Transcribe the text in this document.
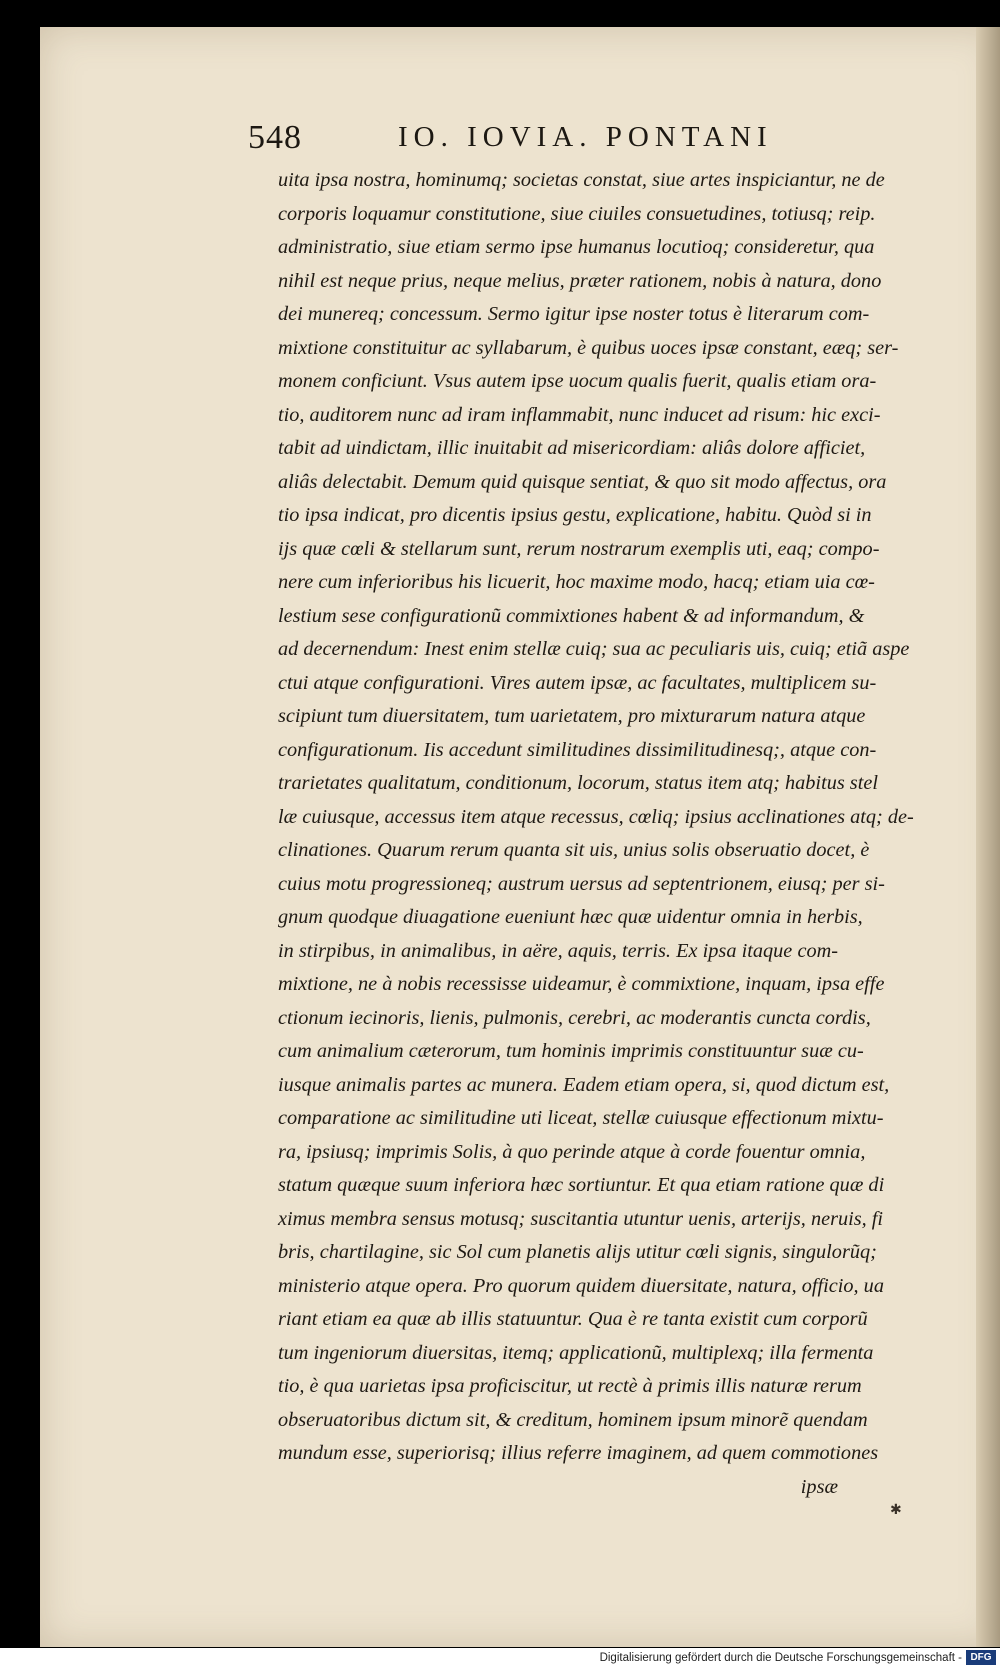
548	IO. IOVIA. PONTANI
uita ipsa nostra, hominumq; societas constat, siue artes inspiciantur, ne de
corporis loquamur constitutione, siue ciuiles consuetudines, totiusq; reip.
administratio, siue etiam sermo ipse humanus locutioq; consideretur, qua
nihil est neque prius, neque melius, præter rationem, nobis à natura, dono
dei munereq; concessum. Sermo igitur ipse noster totus è literarum com-
mixtione constituitur ac syllabarum, è quibus uoces ipsæ constant, eæq; ser-
monem conficiunt. Vsus autem ipse uocum qualis fuerit, qualis etiam ora-
tio, auditorem nunc ad iram inflammabit, nunc inducet ad risum: hic exci-
tabit ad uindictam, illic inuitabit ad misericordiam: aliâs dolore afficiet,
aliâs delectabit. Demum quid quisque sentiat, & quo sit modo affectus, ora
tio ipsa indicat, pro dicentis ipsius gestu, explicatione, habitu. Quòd si in
ijs quæ cœli & stellarum sunt, rerum nostrarum exemplis uti, eaq; compo-
nere cum inferioribus his licuerit, hoc maxime modo, hacq; etiam uia cœ-
lestium sese configurationũ commixtiones habent & ad informandum, &
ad decernendum: Inest enim stellæ cuiq; sua ac peculiaris uis, cuiq; etiã aspe
ctui atque configurationi. Vires autem ipsæ, ac facultates, multiplicem su-
scipiunt tum diuersitatem, tum uarietatem, pro mixturarum natura atque
configurationum. Iis accedunt similitudines dissimilitudinesq;, atque con-
trarietates qualitatum, conditionum, locorum, status item atq; habitus stel
læ cuiusque, accessus item atque recessus, cœliq; ipsius acclinationes atq; de-
clinationes. Quarum rerum quanta sit uis, unius solis obseruatio docet, è
cuius motu progressioneq; austrum uersus ad septentrionem, eiusq; per si-
gnum quodque diuagatione eueniunt hæc quæ uidentur omnia in herbis,
in stirpibus, in animalibus, in aëre, aquis, terris. Ex ipsa itaque com-
mixtione, ne à nobis recessisse uideamur, è commixtione, inquam, ipsa effe
ctionum iecinoris, lienis, pulmonis, cerebri, ac moderantis cuncta cordis,
cum animalium cæterorum, tum hominis imprimis constituuntur suæ cu-
iusque animalis partes ac munera. Eadem etiam opera, si, quod dictum est,
comparatione ac similitudine uti liceat, stellæ cuiusque effectionum mixtu-
ra, ipsiusq; imprimis Solis, à quo perinde atque à corde fouentur omnia,
statum quæque suum inferiora hæc sortiuntur. Et qua etiam ratione quæ di
ximus membra sensus motusq; suscitantia utuntur uenis, arterijs, neruis, fi
bris, chartilagine, sic Sol cum planetis alijs utitur cœli signis, singulorũq;
ministerio atque opera. Pro quorum quidem diuersitate, natura, officio, ua
riant etiam ea quæ ab illis statuuntur. Qua è re tanta existit cum corporũ
tum ingeniorum diuersitas, itemq; applicationũ, multiplexq; illa fermenta
tio, è qua uarietas ipsa proficiscitur, ut rectè à primis illis naturæ rerum
obseruatoribus dictum sit, & creditum, hominem ipsum minorẽ quendam
mundum esse, superiorisq; illius referre imaginem, ad quem commotiones
ipsæ
✱
Digitalisierung gefördert durch die Deutsche Forschungsgemeinschaft - DFG
